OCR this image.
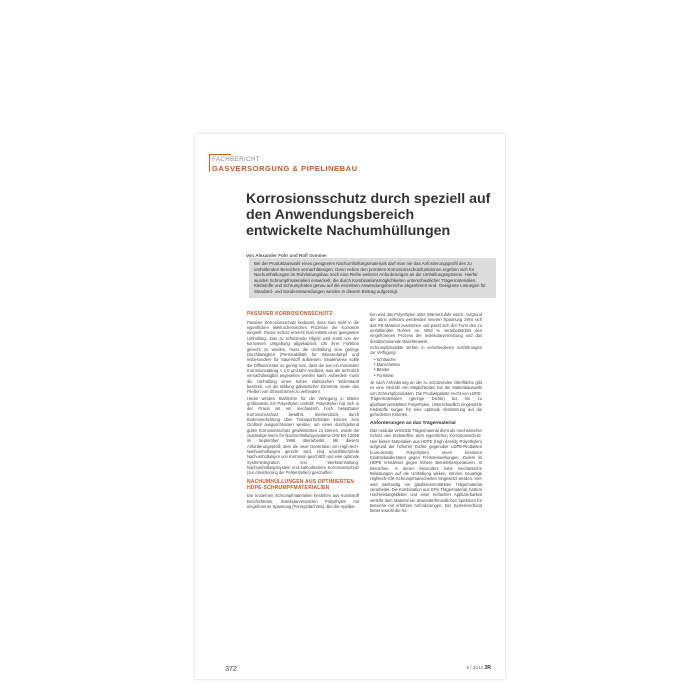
FACHBERICHT
GASVERSORGUNG & PIPELINEBAU
Korrosionsschutz durch speziell auf den Anwendungsbereich entwickelte Nachumhüllungen
Von Alexander Fohr und Rolf Sommer

Bei der Produktauswahl eines geeigneten Nachumhüllungsmaterials darf man nie das Anforderungsprofil des zu umhüllenden Bereiches vernachlässigen. Denn neben den primären Korrosionsschutzfunktionen ergeben sich für Nachumhüllungen im Rohrleitungsbau noch eine Reihe weiterer Anforderungen an die Umhüllungssysteme. Hierfür wurden Schrumpfmaterialien entwickelt, die durch Kombinationsmöglichkeiten unterschiedlicher Trägermaterialien, Klebstoffe und Schrumpfraten genau auf die einzelnen Anwendungsbereiche abgestimmt sind. Geeignete Lösungen für Standard- und Sonderanwendungen werden in diesem Beitrag aufgezeigt.

PASSIVER KORROSIONSSCHUTZ

Passiver Korrosionsschutz bedeutet, dass man nicht in die eigentlichen elektrochemischen Prozesse der Korrosion eingreift. Dieser Schutz erreicht man mittels einer geeigneten Umhüllung. Das zu schützende Objekt wird somit von der korrosiven Umgebung abgekapselt. Um ihrer Funktion gerecht zu werden, muss die Umhüllung eine geringe Durchlässigkeit (Permeabilität) für Wasserdampf und insbesondere für Sauerstoff aufweisen. Idealerweise sollte die Diffusionsrate so gering sein, dass die aus ein maximaler Korrosionsabtrag < 1,0 µm/Jahr resultiert, was als technisch vernachlässigbar angesehen werden kann. Außerdem muss die Umhüllung einen hohen elektrischen Widerstand besitzen, um die Bildung galvanischer Elemente sowie das Fließen von Streuströmen zu verhindern.

Heute werden Stahlrohre für die Verlegung in Böden größtenteils mit Polyethylen umhüllt. Polyethylen hat sich in der Praxis als ein mechanisch hoch belastbarer Korrosionsschutz bewährt. Steinendruck durch Bodenverdichtung über Transportschäden können zum Großteil ausgeschlossen werden, um einen durchgehend guten Korrosionsschutz gewährleisten zu können, wurde die zuständige Norm für Nachumhüllungssysteme DIN EN 12068 im September 1998 überarbeitet. Mit diesem Anforderungsprofil, dem die neue Generation von High-tech-Nachumhüllungen gerecht wird, sind unverfälschende Nachumhüllungen von Korrosion geschützt und eine optimale Systemintegration von Werksumhüllung, Nachumhüllungssystem und kathodischem Korrosionsschutz (zur Absicherung der Fehlerstellen) geschaffen.

NACHUMHÜLLUNGEN AUS OPTIMIERTEN HDPE-SCHRUMPFMATERIALIEN

Die modernen Schrumpfmaterialien bestehen aus Kunststoff beschichteten, molekularvernetzten Polyethylen mit eingefrorener Spannung (Formgedächtnis). Bei der Applika-

tion wird das Polyethylen unter Wärmezufuhr weich. Aufgrund der dann wirksam werdenden inneren Spannung zieht sich das PE-Material zusammen und passt sich der Form des zu umhüllenden Rohres an. Wird % verarbeitet/Zeit den eingefrorenen Prozess der molekularvernetzung und das dreidimensionale Maschenwerk.

Schrumpfprodukte stehen in verschiedenen Ausführungen zur Verfügung:

• Schläuche
• Manschetten
• Bänder
• Formteile

Je nach Anforderung an die zu schützenden Oberfläche gibt es eine Vielzahl von Möglichkeiten bei der Materialauswahl von Schrumpfprodukten. Die Produktpalette reicht von LDPE-Trägermaterialien (geringe Dichte) bis hin zu glasfaserverstärkten Polyethylen. Unterschiedlich eingesetzte Klebstoffe sorgen für eine optimale Abstimmung auf die geforderten Kriterien.

Anforderungen an das Trägermaterial

Das modular vernetzte Trägermaterial dient als mechanischer Schutz des Klebstoffes, dem eigentlichen Korrosionsschutz. Hier bieten Materialien aus HDPE (High-density Polyethylen) aufgrund der höheren Dichte gegenüber LDPE-Produkten (Low-density Polyethylen) einen besseren Eindrückwiderstand gegen Fremdeinwirkungen. Zudem ist HDPE resistenter gegen höhere Betriebstemperaturen. In Bereichen, in denen besonders hohe mechanische Belastungen auf die Umhüllung wirken, können neuartige Hightech-GfK-Schrumpfmanschetten eingesetzt werden. Hier wird werkseitig ein glasfaserverstärktes Trägermaterial verarbeitet. Die Kombination aus GFK-Trägermaterial, hartem Hochleistungskleber und einer einfachen Applizierbarkeit verleiht dem Material ein anwenderfreundliches Spektrum für Bereiche mit erhöhten Anforderungen. Der Systemverbund bietet sowohl die ho-

372	6 / 2012 3R
